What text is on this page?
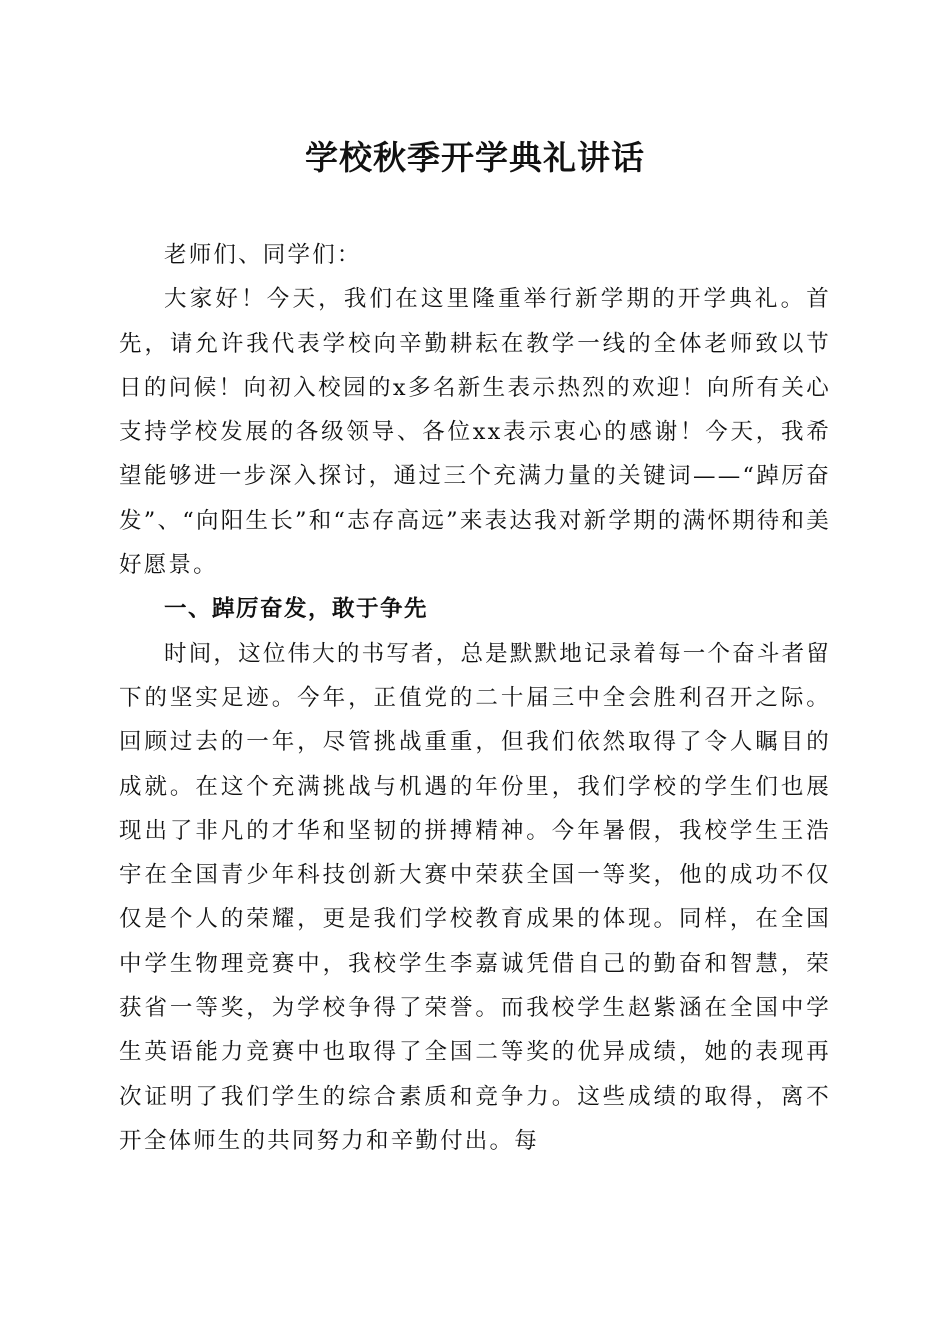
学校秋季开学典礼讲话

老师们、同学们：

大家好！今天，我们在这里隆重举行新学期的开学典礼。首先，请允许我代表学校向辛勤耕耘在教学一线的全体老师致以节日的问候！向初入校园的x多名新生表示热烈的欢迎！向所有关心支持学校发展的各级领导、各位xx表示衷心的感谢！今天，我希望能够进一步深入探讨，通过三个充满力量的关键词——“踔厉奋发”、“向阳生长”和“志存高远”来表达我对新学期的满怀期待和美好愿景。

一、踔厉奋发，敢于争先

时间，这位伟大的书写者，总是默默地记录着每一个奋斗者留下的坚实足迹。今年，正值党的二十届三中全会胜利召开之际。回顾过去的一年，尽管挑战重重，但我们依然取得了令人瞩目的成就。在这个充满挑战与机遇的年份里，我们学校的学生们也展现出了非凡的才华和坚韧的拼搏精神。今年暑假，我校学生王浩宇在全国青少年科技创新大赛中荣获全国一等奖，他的成功不仅仅是个人的荣耀，更是我们学校教育成果的体现。同样，在全国中学生物理竞赛中，我校学生李嘉诚凭借自己的勤奋和智慧，荣获省一等奖，为学校争得了荣誉。而我校学生赵紫涵在全国中学生英语能力竞赛中也取得了全国二等奖的优异成绩，她的表现再次证明了我们学生的综合素质和竞争力。这些成绩的取得，离不开全体师生的共同努力和辛勤付出。每
